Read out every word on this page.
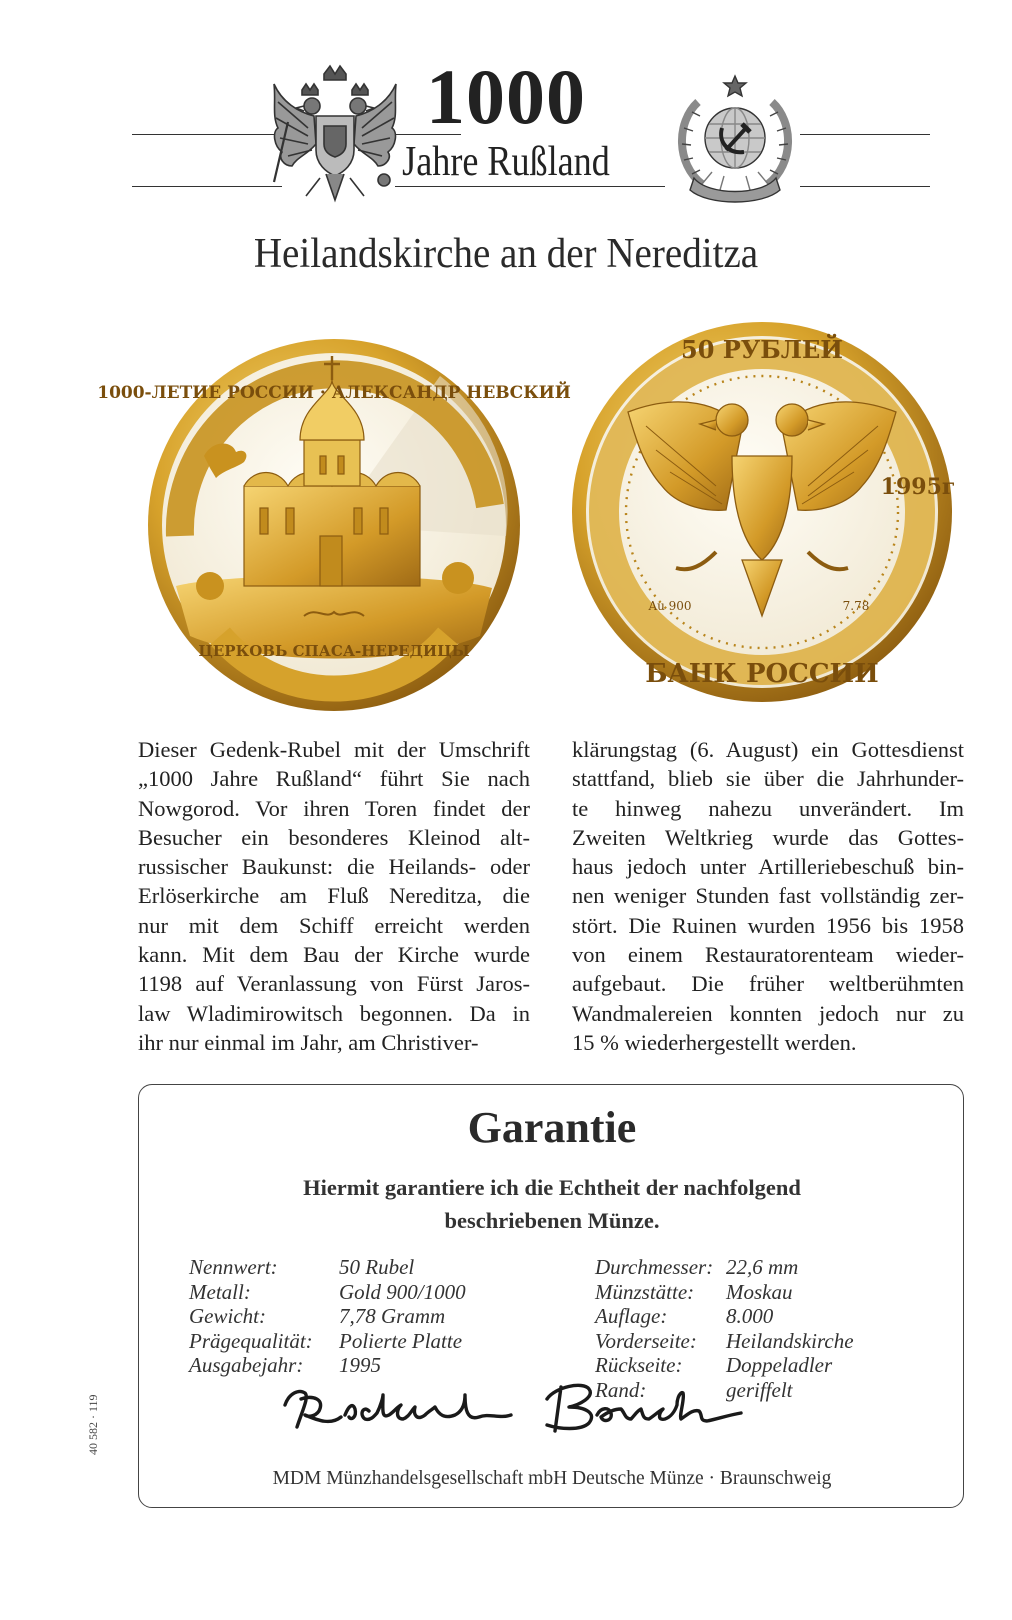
1000
Jahre Rußland
Heilandskirche an der Nereditza
1000-ЛЕТИЕ РОССИИ · АЛЕКСАНДР НЕВСКИЙ
ЦЕРКОВЬ СПАСА-НЕРЕДИЦЫ
50 РУБЛЕЙ
1995г
БАНК РОССИИ
Au 900	7.78
Dieser Gedenk-Rubel mit der Umschrift
„1000 Jahre Rußland“ führt Sie nach
Nowgorod. Vor ihren Toren findet der
Besucher ein besonderes Kleinod alt-
russischer Baukunst: die Heilands- oder
Erlöserkirche am Fluß Nereditza, die
nur mit dem Schiff erreicht werden
kann. Mit dem Bau der Kirche wurde
1198 auf Veranlassung von Fürst Jaros-
law Wladimirowitsch begonnen. Da in
ihr nur einmal im Jahr, am Christiver-
klärungstag (6. August) ein Gottesdienst
stattfand, blieb sie über die Jahrhunder-
te hinweg nahezu unverändert. Im
Zweiten Weltkrieg wurde das Gottes-
haus jedoch unter Artilleriebeschuß bin-
nen weniger Stunden fast vollständig zer-
stört. Die Ruinen wurden 1956 bis 1958
von einem Restauratorenteam wieder-
aufgebaut. Die früher weltberühmten
Wandmalereien konnten jedoch nur zu
15 % wiederhergestellt werden.
Garantie
Hiermit garantiere ich die Echtheit der nachfolgend
beschriebenen Münze.
Nennwert:
Metall:
Gewicht:
Prägequalität:
Ausgabejahr:
50 Rubel
Gold 900/1000
7,78 Gramm
Polierte Platte
1995
Durchmesser:
Münzstätte:
Auflage:
Vorderseite:
Rückseite:
Rand:
22,6 mm
Moskau
8.000
Heilandskirche
Doppeladler
geriffelt
MDM Münzhandelsgesellschaft mbH Deutsche Münze · Braunschweig
40 582 · 119
